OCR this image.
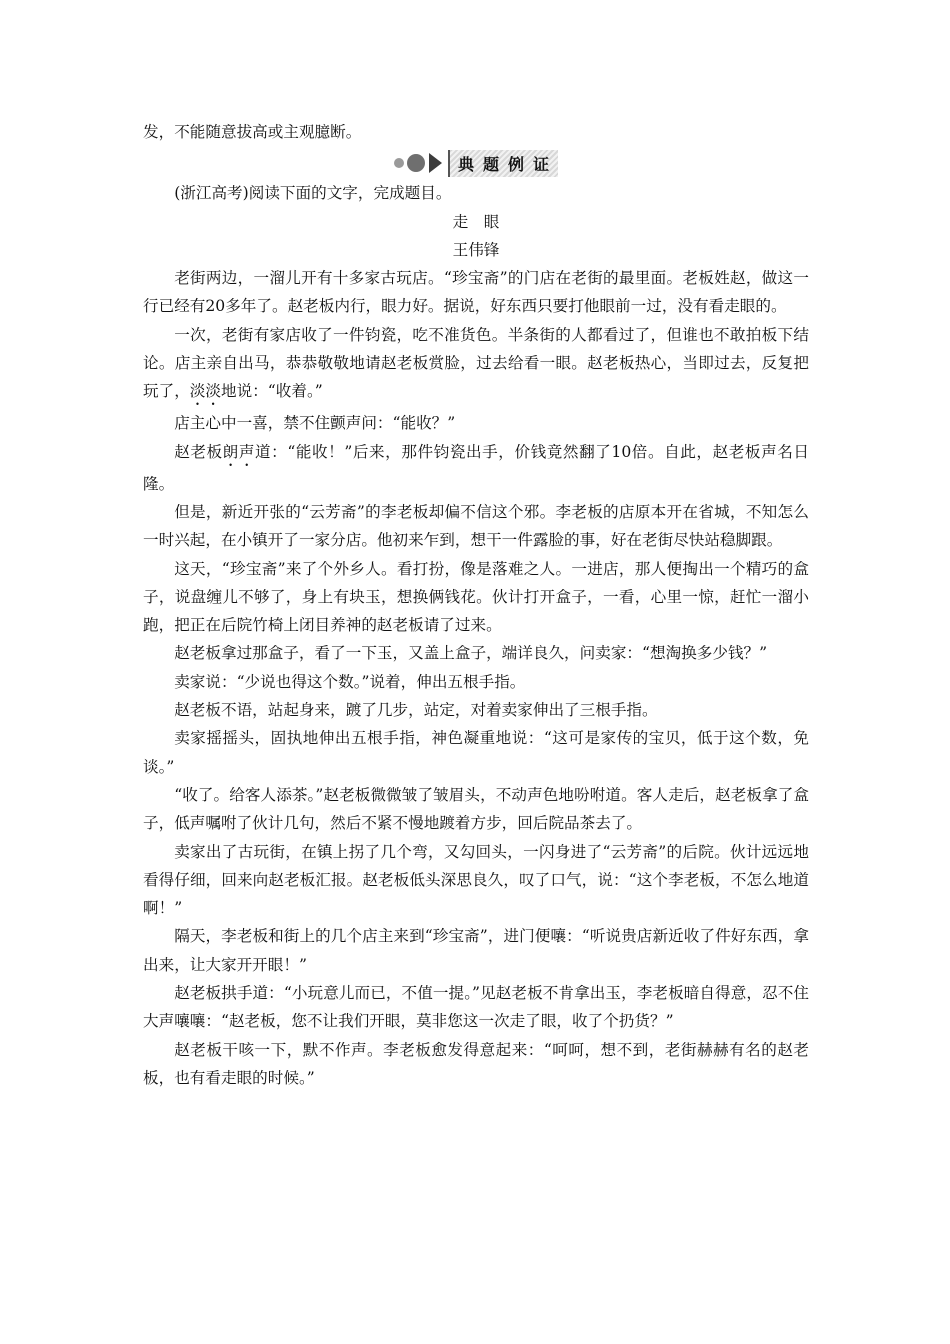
发，不能随意拔高或主观臆断。

典题例证

(浙江高考)阅读下面的文字，完成题目。

走　眼

王伟锋

老街两边，一溜儿开有十多家古玩店。“珍宝斋”的门店在老街的最里面。老板姓赵，做这一行已经有20多年了。赵老板内行，眼力好。据说，好东西只要打他眼前一过，没有看走眼的。

一次，老街有家店收了一件钧瓷，吃不准货色。半条街的人都看过了，但谁也不敢拍板下结论。店主亲自出马，恭恭敬敬地请赵老板赏脸，过去给看一眼。赵老板热心，当即过去，反复把玩了，淡淡地说：“收着。”

店主心中一喜，禁不住颤声问：“能收？”

赵老板朗声道：“能收！”后来，那件钧瓷出手，价钱竟然翻了10倍。自此，赵老板声名日隆。

但是，新近开张的“云芳斋”的李老板却偏不信这个邪。李老板的店原本开在省城，不知怎么一时兴起，在小镇开了一家分店。他初来乍到，想干一件露脸的事，好在老街尽快站稳脚跟。

这天，“珍宝斋”来了个外乡人。看打扮，像是落难之人。一进店，那人便掏出一个精巧的盒子，说盘缠儿不够了，身上有块玉，想换俩钱花。伙计打开盒子，一看，心里一惊，赶忙一溜小跑，把正在后院竹椅上闭目养神的赵老板请了过来。

赵老板拿过那盒子，看了一下玉，又盖上盒子，端详良久，问卖家：“想淘换多少钱？”

卖家说：“少说也得这个数。”说着，伸出五根手指。

赵老板不语，站起身来，踱了几步，站定，对着卖家伸出了三根手指。

卖家摇摇头，固执地伸出五根手指，神色凝重地说：“这可是家传的宝贝，低于这个数，免谈。”

“收了。给客人添茶。”赵老板微微皱了皱眉头，不动声色地吩咐道。客人走后，赵老板拿了盒子，低声嘱咐了伙计几句，然后不紧不慢地踱着方步，回后院品茶去了。

卖家出了古玩街，在镇上拐了几个弯，又勾回头，一闪身进了“云芳斋”的后院。伙计远远地看得仔细，回来向赵老板汇报。赵老板低头深思良久，叹了口气，说：“这个李老板，不怎么地道啊！”

隔天，李老板和街上的几个店主来到“珍宝斋”，进门便嚷：“听说贵店新近收了件好东西，拿出来，让大家开开眼！”

赵老板拱手道：“小玩意儿而已，不值一提。”见赵老板不肯拿出玉，李老板暗自得意，忍不住大声嚷嚷：“赵老板，您不让我们开眼，莫非您这一次走了眼，收了个扔货？”

赵老板干咳一下，默不作声。李老板愈发得意起来：“呵呵，想不到，老街赫赫有名的赵老板，也有看走眼的时候。”
